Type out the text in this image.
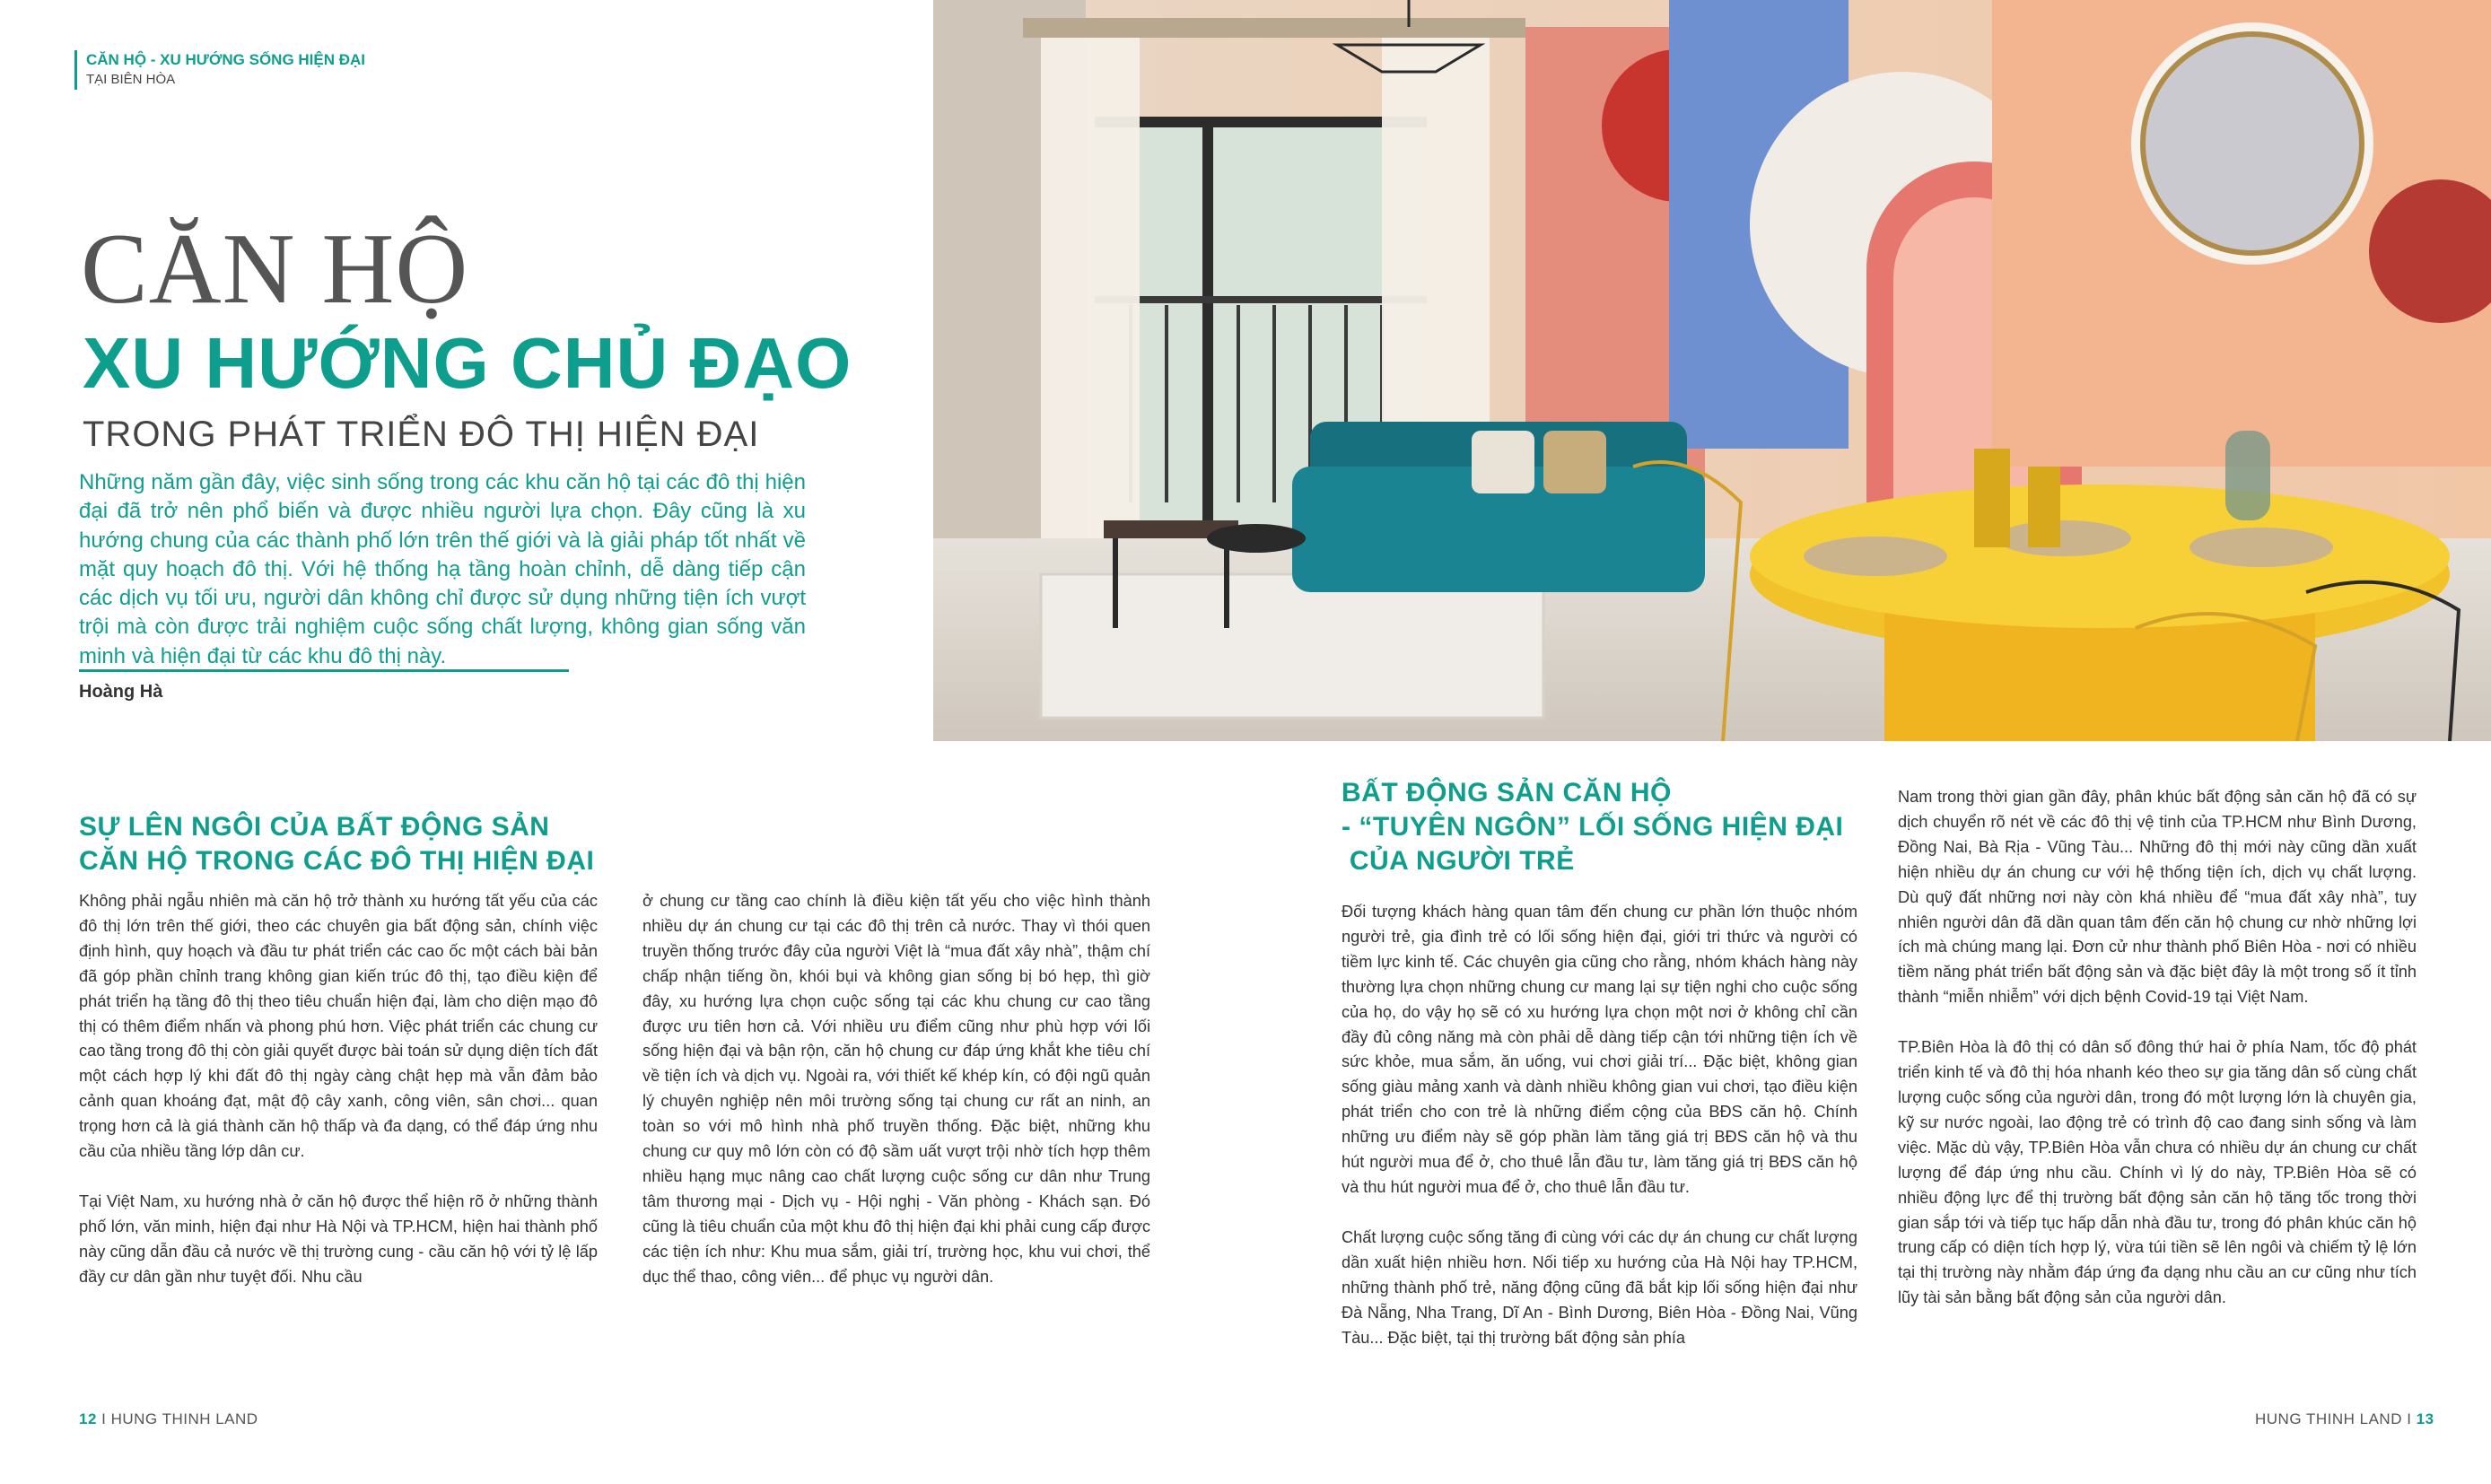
CĂN HỘ - XU HƯỚNG SỐNG HIỆN ĐẠI
TẠI BIÊN HÒA
CĂN HỘ
XU HƯỚNG CHỦ ĐẠO
TRONG PHÁT TRIỂN ĐÔ THỊ HIỆN ĐẠI
Những năm gần đây, việc sinh sống trong các khu căn hộ tại các đô thị hiện đại đã trở nên phổ biến và được nhiều người lựa chọn. Đây cũng là xu hướng chung của các thành phố lớn trên thế giới và là giải pháp tốt nhất về mặt quy hoạch đô thị. Với hệ thống hạ tầng hoàn chỉnh, dễ dàng tiếp cận các dịch vụ tối ưu, người dân không chỉ được sử dụng những tiện ích vượt trội mà còn được trải nghiệm cuộc sống chất lượng, không gian sống văn minh và hiện đại từ các khu đô thị này.
Hoàng Hà
SỰ LÊN NGÔI CỦA BẤT ĐỘNG SẢN
CĂN HỘ TRONG CÁC ĐÔ THỊ HIỆN ĐẠI
BẤT ĐỘNG SẢN CĂN HỘ
- “TUYÊN NGÔN” LỐI SỐNG HIỆN ĐẠI
CỦA NGƯỜI TRẺ

Không phải ngẫu nhiên mà căn hộ trở thành xu hướng tất yếu của các đô thị lớn trên thế giới, theo các chuyên gia bất động sản, chính việc định hình, quy hoạch và đầu tư phát triển các cao ốc một cách bài bản đã góp phần chỉnh trang không gian kiến trúc đô thị, tạo điều kiện để phát triển hạ tầng đô thị theo tiêu chuẩn hiện đại, làm cho diện mạo đô thị có thêm điểm nhấn và phong phú hơn. Việc phát triển các chung cư cao tầng trong đô thị còn giải quyết được bài toán sử dụng diện tích đất một cách hợp lý khi đất đô thị ngày càng chật hẹp mà vẫn đảm bảo cảnh quan khoáng đạt, mật độ cây xanh, công viên, sân chơi... quan trọng hơn cả là giá thành căn hộ thấp và đa dạng, có thể đáp ứng nhu cầu của nhiều tầng lớp dân cư.

Tại Việt Nam, xu hướng nhà ở căn hộ được thể hiện rõ ở những thành phố lớn, văn minh, hiện đại như Hà Nội và TP.HCM, hiện hai thành phố này cũng dẫn đầu cả nước về thị trường cung - cầu căn hộ với tỷ lệ lấp đầy cư dân gần như tuyệt đối. Nhu cầu

ở chung cư tầng cao chính là điều kiện tất yếu cho việc hình thành nhiều dự án chung cư tại các đô thị trên cả nước. Thay vì thói quen truyền thống trước đây của người Việt là “mua đất xây nhà”, thậm chí chấp nhận tiếng ồn, khói bụi và không gian sống bị bó hẹp, thì giờ đây, xu hướng lựa chọn cuộc sống tại các khu chung cư cao tầng được ưu tiên hơn cả. Với nhiều ưu điểm cũng như phù hợp với lối sống hiện đại và bận rộn, căn hộ chung cư đáp ứng khắt khe tiêu chí về tiện ích và dịch vụ. Ngoài ra, với thiết kế khép kín, có đội ngũ quản lý chuyên nghiệp nên môi trường sống tại chung cư rất an ninh, an toàn so với mô hình nhà phố truyền thống. Đặc biệt, những khu chung cư quy mô lớn còn có độ sầm uất vượt trội nhờ tích hợp thêm nhiều hạng mục nâng cao chất lượng cuộc sống cư dân như Trung tâm thương mại - Dịch vụ - Hội nghị - Văn phòng - Khách sạn. Đó cũng là tiêu chuẩn của một khu đô thị hiện đại khi phải cung cấp được các tiện ích như: Khu mua sắm, giải trí, trường học, khu vui chơi, thể dục thể thao, công viên... để phục vụ người dân.

Đối tượng khách hàng quan tâm đến chung cư phần lớn thuộc nhóm người trẻ, gia đình trẻ có lối sống hiện đại, giới tri thức và người có tiềm lực kinh tế. Các chuyên gia cũng cho rằng, nhóm khách hàng này thường lựa chọn những chung cư mang lại sự tiện nghi cho cuộc sống của họ, do vậy họ sẽ có xu hướng lựa chọn một nơi ở không chỉ cần đầy đủ công năng mà còn phải dễ dàng tiếp cận tới những tiện ích về sức khỏe, mua sắm, ăn uống, vui chơi giải trí... Đặc biệt, không gian sống giàu mảng xanh và dành nhiều không gian vui chơi, tạo điều kiện phát triển cho con trẻ là những điểm cộng của BĐS căn hộ. Chính những ưu điểm này sẽ góp phần làm tăng giá trị BĐS căn hộ và thu hút người mua để ở, cho thuê lẫn đầu tư, làm tăng giá trị BĐS căn hộ và thu hút người mua để ở, cho thuê lẫn đầu tư.

Chất lượng cuộc sống tăng đi cùng với các dự án chung cư chất lượng dần xuất hiện nhiều hơn. Nối tiếp xu hướng của Hà Nội hay TP.HCM, những thành phố trẻ, năng động cũng đã bắt kịp lối sống hiện đại như Đà Nẵng, Nha Trang, Dĩ An - Bình Dương, Biên Hòa - Đồng Nai, Vũng Tàu... Đặc biệt, tại thị trường bất động sản phía

Nam trong thời gian gần đây, phân khúc bất động sản căn hộ đã có sự dịch chuyển rõ nét về các đô thị vệ tinh của TP.HCM như Bình Dương, Đồng Nai, Bà Rịa - Vũng Tàu... Những đô thị mới này cũng dần xuất hiện nhiều dự án chung cư với hệ thống tiện ích, dịch vụ chất lượng. Dù quỹ đất những nơi này còn khá nhiều để “mua đất xây nhà”, tuy nhiên người dân đã dần quan tâm đến căn hộ chung cư nhờ những lợi ích mà chúng mang lại. Đơn cử như thành phố Biên Hòa - nơi có nhiều tiềm năng phát triển bất động sản và đặc biệt đây là một trong số ít tỉnh thành “miễn nhiễm” với dịch bệnh Covid-19 tại Việt Nam.

TP.Biên Hòa là đô thị có dân số đông thứ hai ở phía Nam, tốc độ phát triển kinh tế và đô thị hóa nhanh kéo theo sự gia tăng dân số cùng chất lượng cuộc sống của người dân, trong đó một lượng lớn là chuyên gia, kỹ sư nước ngoài, lao động trẻ có trình độ cao đang sinh sống và làm việc. Mặc dù vậy, TP.Biên Hòa vẫn chưa có nhiều dự án chung cư chất lượng để đáp ứng nhu cầu. Chính vì lý do này, TP.Biên Hòa sẽ có nhiều động lực để thị trường bất động sản căn hộ tăng tốc trong thời gian sắp tới và tiếp tục hấp dẫn nhà đầu tư, trong đó phân khúc căn hộ trung cấp có diện tích hợp lý, vừa túi tiền sẽ lên ngôi và chiếm tỷ lệ lớn tại thị trường này nhằm đáp ứng đa dạng nhu cầu an cư cũng như tích lũy tài sản bằng bất động sản của người dân.

12 I HUNG THINH LAND	HUNG THINH LAND I 13
